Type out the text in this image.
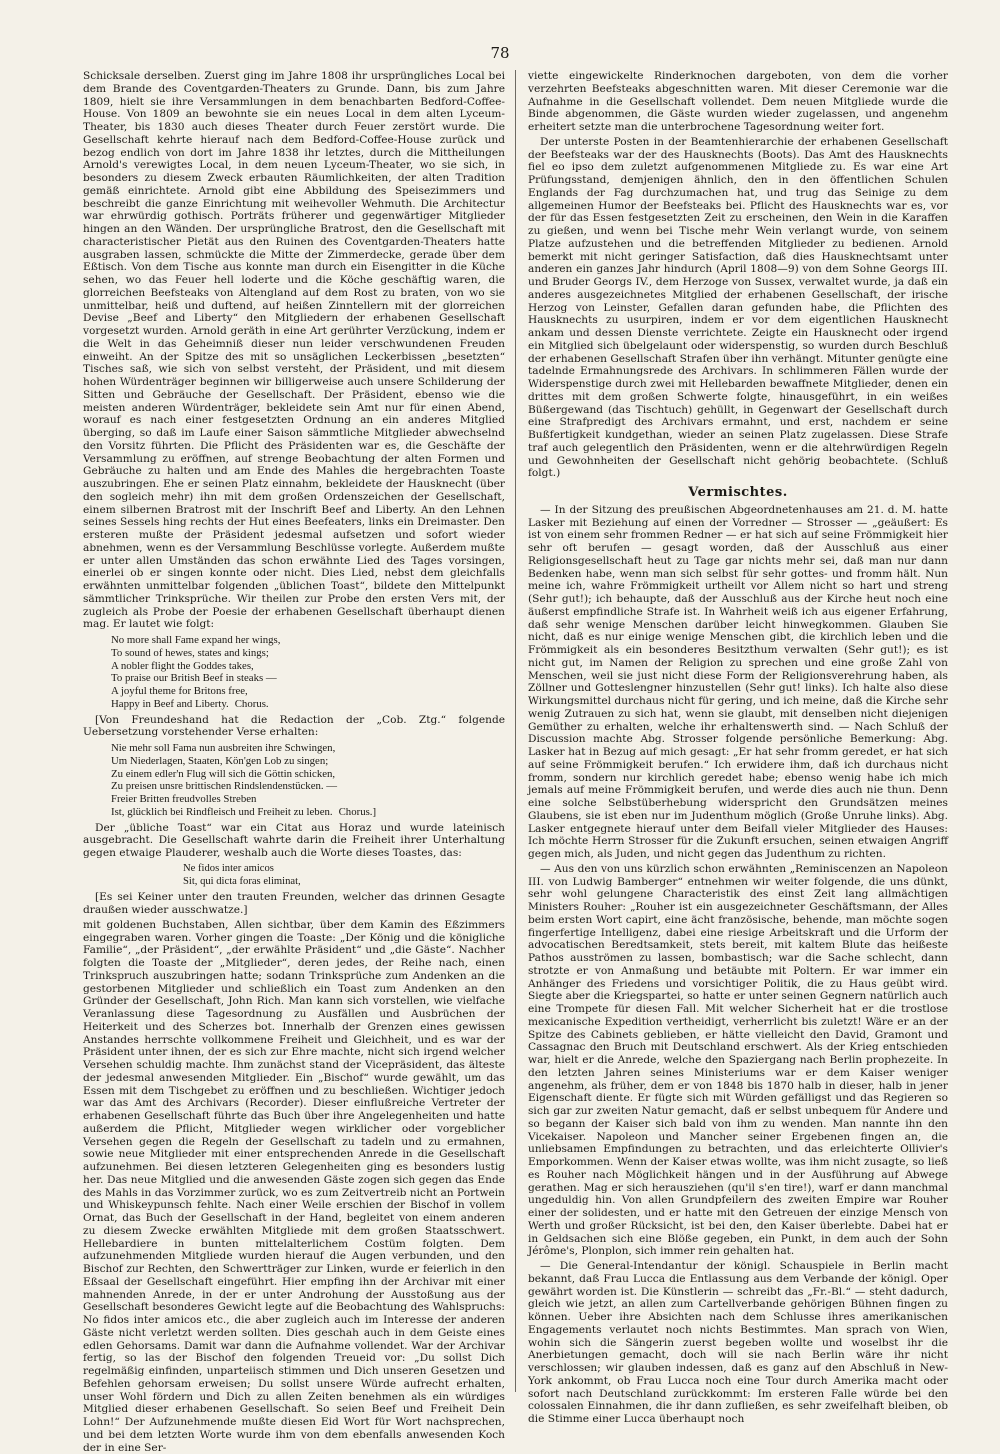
78

Schicksale derselben. Zuerst ging im Jahre 1808 ihr ursprüngliches Local bei dem Brande des Coventgarden-Theaters zu Grunde. Dann, bis zum Jahre 1809, hielt sie ihre Versammlungen in dem benachbarten Bedford-Coffee-House. Von 1809 an bewohnte sie ein neues Local in dem alten Lyceum-Theater, bis 1830 auch dieses Theater durch Feuer zerstört wurde. Die Gesellschaft kehrte hierauf nach dem Bedford-Coffee-House zurück und bezog endlich von dort im Jahre 1838 ihr letztes, durch die Mittheilungen Arnold's verewigtes Local, in dem neuen Lyceum-Theater, wo sie sich, in besonders zu diesem Zweck erbauten Räumlichkeiten, der alten Tradition gemäß einrichtete. Arnold gibt eine Abbildung des Speisezimmers und beschreibt die ganze Einrichtung mit weihevoller Wehmuth. Die Architectur war ehrwürdig gothisch. Porträts früherer und gegenwärtiger Mitglieder hingen an den Wänden. Der ursprüngliche Bratrost, den die Gesellschaft mit characteristischer Pietät aus den Ruinen des Coventgarden-Theaters hatte ausgraben lassen, schmückte die Mitte der Zimmerdecke, gerade über dem Eßtisch. Von dem Tische aus konnte man durch ein Eisengitter in die Küche sehen, wo das Feuer hell loderte und die Köche geschäftig waren, die glorreichen Beefsteaks von Altengland auf dem Rost zu braten, von wo sie unmittelbar, heiß und duftend, auf heißen Zinntellern mit der glorreichen Devise „Beef and Liberty“ den Mitgliedern der erhabenen Gesellschaft vorgesetzt wurden. Arnold geräth in eine Art gerührter Verzückung, indem er die Welt in das Geheimniß dieser nun leider verschwundenen Freuden einweiht. An der Spitze des mit so unsäglichen Leckerbissen „besetzten“ Tisches saß, wie sich von selbst versteht, der Präsident, und mit diesem hohen Würdenträger beginnen wir billigerweise auch unsere Schilderung der Sitten und Gebräuche der Gesellschaft. Der Präsident, ebenso wie die meisten anderen Würdenträger, bekleidete sein Amt nur für einen Abend, worauf es nach einer festgesetzten Ordnung an ein anderes Mitglied überging, so daß im Laufe einer Saison sämmtliche Mitglieder abwechselnd den Vorsitz führten. Die Pflicht des Präsidenten war es, die Geschäfte der Versammlung zu eröffnen, auf strenge Beobachtung der alten Formen und Gebräuche zu halten und am Ende des Mahles die hergebrachten Toaste auszubringen. Ehe er seinen Platz einnahm, bekleidete der Hausknecht (über den sogleich mehr) ihn mit dem großen Ordenszeichen der Gesellschaft, einem silbernen Bratrost mit der Inschrift Beef and Liberty. An den Lehnen seines Sessels hing rechts der Hut eines Beefeaters, links ein Dreimaster. Den ersteren mußte der Präsident jedesmal aufsetzen und sofort wieder abnehmen, wenn es der Versammlung Beschlüsse vorlegte. Außerdem mußte er unter allen Umständen das schon erwähnte Lied des Tages vorsingen, einerlei ob er singen konnte oder nicht. Dies Lied, nebst dem gleichfalls erwähnten unmittelbar folgenden „üblichen Toast“, bildete den Mittelpunkt sämmtlicher Trinksprüche. Wir theilen zur Probe den ersten Vers mit, der zugleich als Probe der Poesie der erhabenen Gesellschaft überhaupt dienen mag. Er lautet wie folgt:

No more shall Fame expand her wings,
To sound of hewes, states and kings;
A nobler flight the Goddes takes,
To praise our British Beef in steaks —
A joyful theme for Britons free,
Happy in Beef and Liberty. Chorus.

[Von Freundeshand hat die Redaction der „Cob. Ztg.“ folgende Uebersetzung vorstehender Verse erhalten:

Nie mehr soll Fama nun ausbreiten ihre Schwingen,
Um Niederlagen, Staaten, Kön'gen Lob zu singen;
Zu einem edler'n Flug will sich die Göttin schicken,
Zu preisen unsre brittischen Rindslendenstücken. —
Freier Britten freudvolles Streben
Ist, glücklich bei Rindfleisch und Freiheit zu leben. Chorus.]

Der „übliche Toast“ war ein Citat aus Horaz und wurde lateinisch ausgebracht. Die Gesellschaft wahrte darin die Freiheit ihrer Unterhaltung gegen etwaige Plauderer, weshalb auch die Worte dieses Toastes, das:

Ne fidos inter amicos
Sit, qui dicta foras eliminat,

[Es sei Keiner unter den trauten Freunden, welcher das drinnen Gesagte draußen wieder ausschwatze.]

mit goldenen Buchstaben, Allen sichtbar, über dem Kamin des Eßzimmers eingegraben waren. Vorher gingen die Toaste: „Der König und die königliche Familie“, „der Präsident“, „der erwählte Präsident“ und „die Gäste“. Nachher folgten die Toaste der „Mitglieder“, deren jedes, der Reihe nach, einen Trinkspruch auszubringen hatte; sodann Trinksprüche zum Andenken an die gestorbenen Mitglieder und schließlich ein Toast zum Andenken an den Gründer der Gesellschaft, John Rich. Man kann sich vorstellen, wie vielfache Veranlassung diese Tagesordnung zu Ausfällen und Ausbrüchen der Heiterkeit und des Scherzes bot. Innerhalb der Grenzen eines gewissen Anstandes herrschte vollkommene Freiheit und Gleichheit, und es war der Präsident unter ihnen, der es sich zur Ehre machte, nicht sich irgend welcher Versehen schuldig machte. Ihm zunächst stand der Vicepräsident, das älteste der jedesmal anwesenden Mitglieder. Ein „Bischof“ wurde gewählt, um das Essen mit dem Tischgebet zu eröffnen und zu beschließen. Wichtiger jedoch war das Amt des Archivars (Recorder). Dieser einflußreiche Vertreter der erhabenen Gesellschaft führte das Buch über ihre Angelegenheiten und hatte außerdem die Pflicht, Mitglieder wegen wirklicher oder vorgeblicher Versehen gegen die Regeln der Gesellschaft zu tadeln und zu ermahnen, sowie neue Mitglieder mit einer entsprechenden Anrede in die Gesellschaft aufzunehmen. Bei diesen letzteren Gelegenheiten ging es besonders lustig her. Das neue Mitglied und die anwesenden Gäste zogen sich gegen das Ende des Mahls in das Vorzimmer zurück, wo es zum Zeitvertreib nicht an Portwein und Whiskeypunsch fehlte. Nach einer Weile erschien der Bischof in vollem Ornat, das Buch der Gesellschaft in der Hand, begleitet von einem anderen zu diesem Zwecke erwählten Mitgliede mit dem großen Staatsschwert. Hellebardiere in bunten mittelalterlichem Costüm folgten. Dem aufzunehmenden Mitgliede wurden hierauf die Augen verbunden, und den Bischof zur Rechten, den Schwertträger zur Linken, wurde er feierlich in den Eßsaal der Gesellschaft eingeführt. Hier empfing ihn der Archivar mit einer mahnenden Anrede, in der er unter Androhung der Ausstoßung aus der Gesellschaft besonderes Gewicht legte auf die Beobachtung des Wahlspruchs: No fidos inter amicos etc., die aber zugleich auch im Interesse der anderen Gäste nicht verletzt werden sollten. Dies geschah auch in dem Geiste eines edlen Gehorsams. Damit war dann die Aufnahme vollendet. War der Archivar fertig, so las der Bischof den folgenden Treueid vor: „Du sollst Dich regelmäßig einfinden, unparteiisch stimmen und Dich unseren Gesetzen und Befehlen gehorsam erweisen; Du sollst unsere Würde aufrecht erhalten, unser Wohl fördern und Dich zu allen Zeiten benehmen als ein würdiges Mitglied dieser erhabenen Gesellschaft. So seien Beef und Freiheit Dein Lohn!“ Der Aufzunehmende mußte diesen Eid Wort für Wort nachsprechen, und bei dem letzten Worte wurde ihm von dem ebenfalls anwesenden Koch der in eine Ser-

viette eingewickelte Rinderknochen dargeboten, von dem die vorher verzehrten Beefsteaks abgeschnitten waren. Mit dieser Ceremonie war die Aufnahme in die Gesellschaft vollendet. Dem neuen Mitgliede wurde die Binde abgenommen, die Gäste wurden wieder zugelassen, und angenehm erheitert setzte man die unterbrochene Tagesordnung weiter fort.

Der unterste Posten in der Beamtenhierarchie der erhabenen Gesellschaft der Beefsteaks war der des Hausknechts (Boots). Das Amt des Hausknechts fiel eo ipso dem zuletzt aufgenommenen Mitgliede zu. Es war eine Art Prüfungsstand, demjenigen ähnlich, den in den öffentlichen Schulen Englands der Fag durchzumachen hat, und trug das Seinige zu dem allgemeinen Humor der Beefsteaks bei. Pflicht des Hausknechts war es, vor der für das Essen festgesetzten Zeit zu erscheinen, den Wein in die Karaffen zu gießen, und wenn bei Tische mehr Wein verlangt wurde, von seinem Platze aufzustehen und die betreffenden Mitglieder zu bedienen. Arnold bemerkt mit nicht geringer Satisfaction, daß dies Hausknechtsamt unter anderen ein ganzes Jahr hindurch (April 1808—9) von dem Sohne Georgs III. und Bruder Georgs IV., dem Herzoge von Sussex, verwaltet wurde, ja daß ein anderes ausgezeichnetes Mitglied der erhabenen Gesellschaft, der irische Herzog von Leinster, Gefallen daran gefunden habe, die Pflichten des Hausknechts zu usurpiren, indem er vor dem eigentlichen Hausknecht ankam und dessen Dienste verrichtete. Zeigte ein Hausknecht oder irgend ein Mitglied sich übelgelaunt oder widerspenstig, so wurden durch Beschluß der erhabenen Gesellschaft Strafen über ihn verhängt. Mitunter genügte eine tadelnde Ermahnungsrede des Archivars. In schlimmeren Fällen wurde der Widerspenstige durch zwei mit Hellebarden bewaffnete Mitglieder, denen ein drittes mit dem großen Schwerte folgte, hinausgeführt, in ein weißes Büßergewand (das Tischtuch) gehüllt, in Gegenwart der Gesellschaft durch eine Strafpredigt des Archivars ermahnt, und erst, nachdem er seine Bußfertigkeit kundgethan, wieder an seinen Platz zugelassen. Diese Strafe traf auch gelegentlich den Präsidenten, wenn er die altehrwürdigen Regeln und Gewohnheiten der Gesellschaft nicht gehörig beobachtete. (Schluß folgt.)

Vermischtes.

— In der Sitzung des preußischen Abgeordnetenhauses am 21. d. M. hatte Lasker mit Beziehung auf einen der Vorredner — Strosser — „geäußert: Es ist von einem sehr frommen Redner — er hat sich auf seine Frömmigkeit hier sehr oft berufen — gesagt worden, daß der Ausschluß aus einer Religionsgesellschaft heut zu Tage gar nichts mehr sei, daß man nur dann Bedenken habe, wenn man sich selbst für sehr gottes- und fromm hält. Nun meine ich, wahre Frömmigkeit urtheilt vor Allem nicht so hart und streng (Sehr gut!); ich behaupte, daß der Ausschluß aus der Kirche heut noch eine äußerst empfindliche Strafe ist. In Wahrheit weiß ich aus eigener Erfahrung, daß sehr wenige Menschen darüber leicht hinwegkommen. Glauben Sie nicht, daß es nur einige wenige Menschen gibt, die kirchlich leben und die Frömmigkeit als ein besonderes Besitzthum verwalten (Sehr gut!); es ist nicht gut, im Namen der Religion zu sprechen und eine große Zahl von Menschen, weil sie just nicht diese Form der Religionsverehrung haben, als Zöllner und Gotteslengner hinzustellen (Sehr gut! links). Ich halte also diese Wirkungsmittel durchaus nicht für gering, und ich meine, daß die Kirche sehr wenig Zutrauen zu sich hat, wenn sie glaubt, mit denselben nicht diejenigen Gemüther zu erhalten, welche ihr erhaltenswerth sind. — Nach Schluß der Discussion machte Abg. Strosser folgende persönliche Bemerkung: Abg. Lasker hat in Bezug auf mich gesagt: „Er hat sehr fromm geredet, er hat sich auf seine Frömmigkeit berufen.“ Ich erwidere ihm, daß ich durchaus nicht fromm, sondern nur kirchlich geredet habe; ebenso wenig habe ich mich jemals auf meine Frömmigkeit berufen, und werde dies auch nie thun. Denn eine solche Selbstüberhebung widerspricht den Grundsätzen meines Glaubens, sie ist eben nur im Judenthum möglich (Große Unruhe links). Abg. Lasker entgegnete hierauf unter dem Beifall vieler Mitglieder des Hauses: Ich möchte Herrn Strosser für die Zukunft ersuchen, seinen etwaigen Angriff gegen mich, als Juden, und nicht gegen das Judenthum zu richten.

— Aus den von uns kürzlich schon erwähnten „Reminiscenzen an Napoleon III. von Ludwig Bamberger“ entnehmen wir weiter folgende, die uns dünkt, sehr wohl gelungene Characteristik des einst Zeit lang allmächtigen Ministers Rouher: „Rouher ist ein ausgezeichneter Geschäftsmann, der Alles beim ersten Wort capirt, eine ächt französische, behende, man möchte sogen fingerfertige Intelligenz, dabei eine riesige Arbeitskraft und die Urform der advocatischen Beredtsamkeit, stets bereit, mit kaltem Blute das heißeste Pathos ausströmen zu lassen, bombastisch; war die Sache schlecht, dann strotzte er von Anmaßung und betäubte mit Poltern. Er war immer ein Anhänger des Friedens und vorsichtiger Politik, die zu Haus geübt wird. Siegte aber die Kriegspartei, so hatte er unter seinen Gegnern natürlich auch eine Trompete für diesen Fall. Mit welcher Sicherheit hat er die trostlose mexicanische Expedition vertheidigt, verherrlicht bis zuletzt! Wäre er an der Spitze des Cabinets geblieben, er hätte vielleicht den David, Gramont und Cassagnac den Bruch mit Deutschland erschwert. Als der Krieg entschieden war, hielt er die Anrede, welche den Spaziergang nach Berlin prophezeite. In den letzten Jahren seines Ministeriums war er dem Kaiser weniger angenehm, als früher, dem er von 1848 bis 1870 halb in dieser, halb in jener Eigenschaft diente. Er fügte sich mit Würden gefälligst und das Regieren so sich gar zur zweiten Natur gemacht, daß er selbst unbequem für Andere und so begann der Kaiser sich bald von ihm zu wenden. Man nannte ihn den Vicekaiser. Napoleon und Mancher seiner Ergebenen fingen an, die unliebsamen Empfindungen zu betrachten, und das erleichterte Ollivier's Emporkommen. Wenn der Kaiser etwas wollte, was ihm nicht zusagte, so ließ es Rouher nach Möglichkeit hängen und in der Ausführung auf Abwege gerathen. Mag er sich herausziehen (qu'il s'en tire!), warf er dann manchmal ungeduldig hin. Von allen Grundpfeilern des zweiten Empire war Rouher einer der solidesten, und er hatte mit den Getreuen der einzige Mensch von Werth und großer Rücksicht, ist bei den, den Kaiser überlebte. Dabei hat er in Geldsachen sich eine Blöße gegeben, ein Punkt, in dem auch der Sohn Jérôme's, Plonplon, sich immer rein gehalten hat.

— Die General-Intendantur der königl. Schauspiele in Berlin macht bekannt, daß Frau Lucca die Entlassung aus dem Verbande der königl. Oper gewährt worden ist. Die Künstlerin — schreibt das „Fr.-Bl.“ — steht dadurch, gleich wie jetzt, an allen zum Cartellverbande gehörigen Bühnen fingen zu können. Ueber ihre Absichten nach dem Schlusse ihres amerikanischen Engagements verlautet noch nichts Bestimmtes. Man sprach von Wien, wohin sich die Sängerin zuerst begeben wollte und woselbst ihr die Anerbietungen gemacht, doch will sie nach Berlin wäre ihr nicht verschlossen; wir glauben indessen, daß es ganz auf den Abschluß in New-York ankommt, ob Frau Lucca noch eine Tour durch Amerika macht oder sofort nach Deutschland zurückkommt: Im ersteren Falle würde bei den colossalen Einnahmen, die ihr dann zufließen, es sehr zweifelhaft bleiben, ob die Stimme einer Lucca überhaupt noch
